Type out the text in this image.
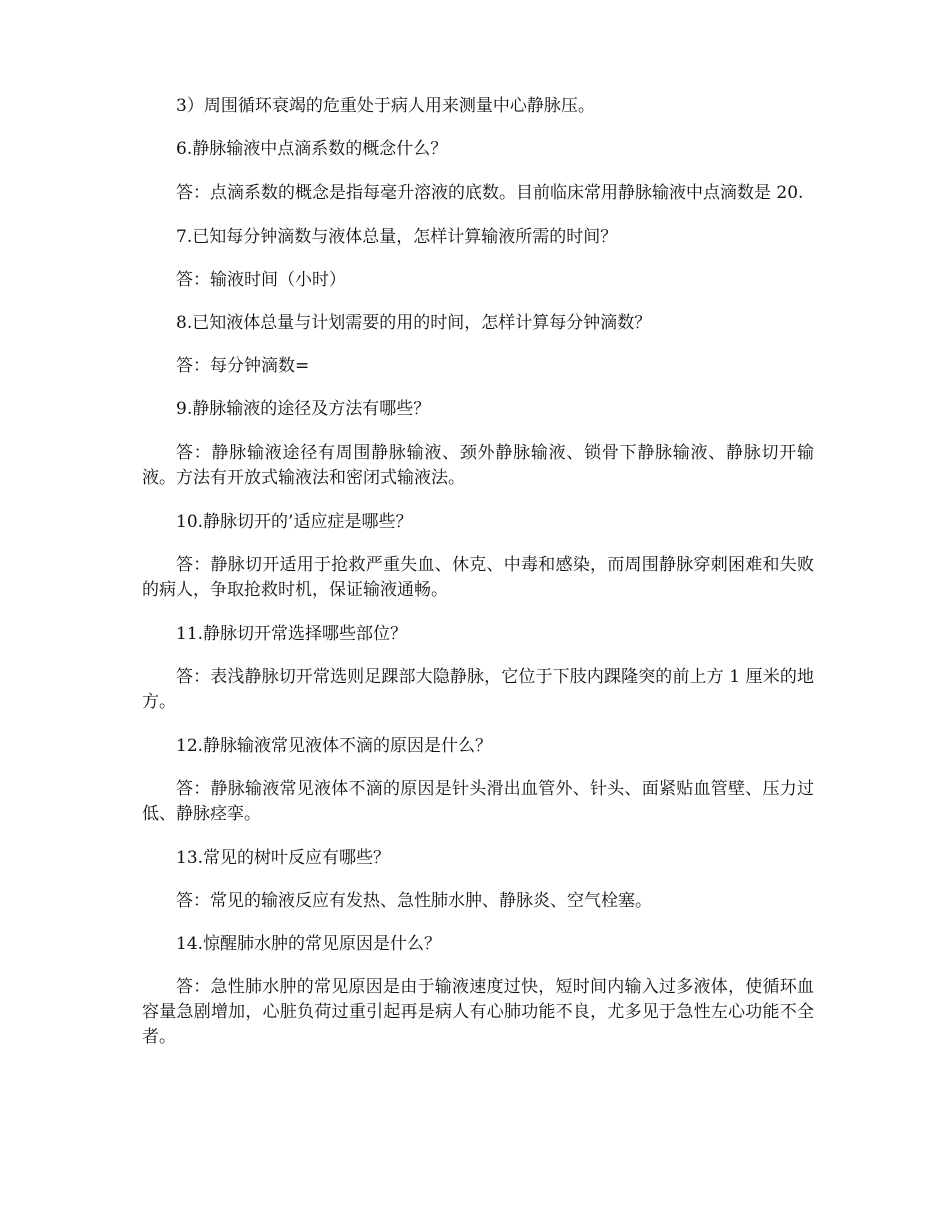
3）周围循环衰竭的危重处于病人用来测量中心静脉压。

6.静脉输液中点滴系数的概念什么？

答：点滴系数的概念是指每毫升溶液的底数。目前临床常用静脉输液中点滴数是 20.

7.已知每分钟滴数与液体总量，怎样计算输液所需的时间？

答：输液时间（小时）

8.已知液体总量与计划需要的用的时间，怎样计算每分钟滴数？

答：每分钟滴数=

9.静脉输液的途径及方法有哪些？

答：静脉输液途径有周围静脉输液、颈外静脉输液、锁骨下静脉输液、静脉切开输液。方法有开放式输液法和密闭式输液法。

10.静脉切开的’适应症是哪些？

答：静脉切开适用于抢救严重失血、休克、中毒和感染，而周围静脉穿刺困难和失败的病人，争取抢救时机，保证输液通畅。

11.静脉切开常选择哪些部位？

答：表浅静脉切开常选则足踝部大隐静脉，它位于下肢内踝隆突的前上方 1 厘米的地方。

12.静脉输液常见液体不滴的原因是什么？

答：静脉输液常见液体不滴的原因是针头滑出血管外、针头、面紧贴血管壁、压力过低、静脉痉挛。

13.常见的树叶反应有哪些？

答：常见的输液反应有发热、急性肺水肿、静脉炎、空气栓塞。

14.惊醒肺水肿的常见原因是什么？

答：急性肺水肿的常见原因是由于输液速度过快，短时间内输入过多液体，使循环血容量急剧增加，心脏负荷过重引起再是病人有心肺功能不良，尤多见于急性左心功能不全者。
